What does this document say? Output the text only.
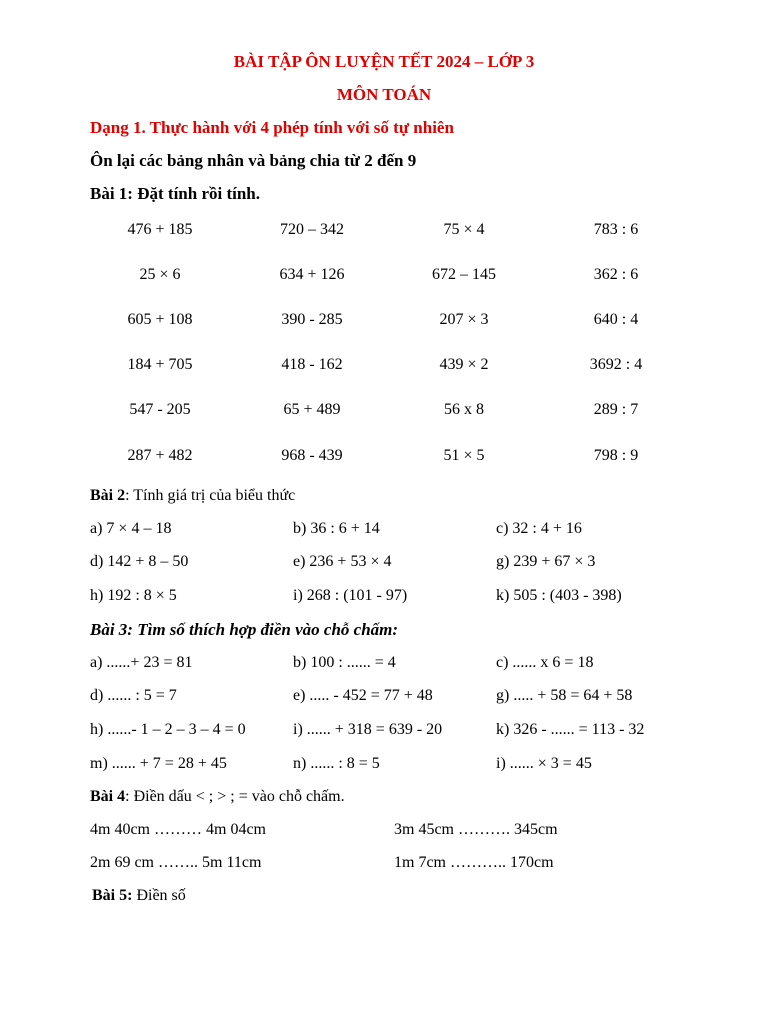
BÀI TẬP ÔN LUYỆN TẾT 2024 – LỚP 3
MÔN TOÁN
Dạng 1. Thực hành với 4 phép tính với số tự nhiên
Ôn lại các bảng nhân và bảng chia từ 2 đến 9
Bài 1: Đặt tính rồi tính.
476 + 185	720 – 342	75 × 4	783 : 6
25 × 6	634 + 126	672 – 145	362 : 6
605 + 108	390 - 285	207 × 3	640 : 4
184 + 705	418 - 162	439 × 2	3692 : 4
547 - 205	65 + 489	56 x 8	289 : 7
287 + 482	968 - 439	51 × 5	798 : 9
Bài 2: Tính giá trị của biểu thức
a) 7 × 4 – 18	b) 36 : 6 + 14	c) 32 : 4 + 16
d) 142 + 8 – 50	e) 236 + 53 × 4	g) 239 + 67 × 3
h) 192 : 8 × 5	i) 268 : (101 - 97)	k) 505 : (403 - 398)
Bài 3: Tìm số thích hợp điền vào chỗ chấm:
a) ......+ 23 = 81	b) 100 : ...... = 4	c) ...... x 6 = 18
d) ...... : 5 = 7	e) ..... - 452 = 77 + 48	g) ..... + 58 = 64 + 58
h) ......- 1 – 2 – 3 – 4 = 0	i) ...... + 318 = 639 - 20	k) 326 - ...... = 113 - 32
m) ...... + 7 = 28 + 45	n) ...... : 8 = 5	i) ...... × 3 = 45
Bài 4: Điền dấu < ; > ; = vào chỗ chấm.
4m 40cm ……… 4m 04cm	3m 45cm ………. 345cm
2m 69 cm …….. 5m 11cm	1m 7cm ……….. 170cm
Bài 5: Điền số
